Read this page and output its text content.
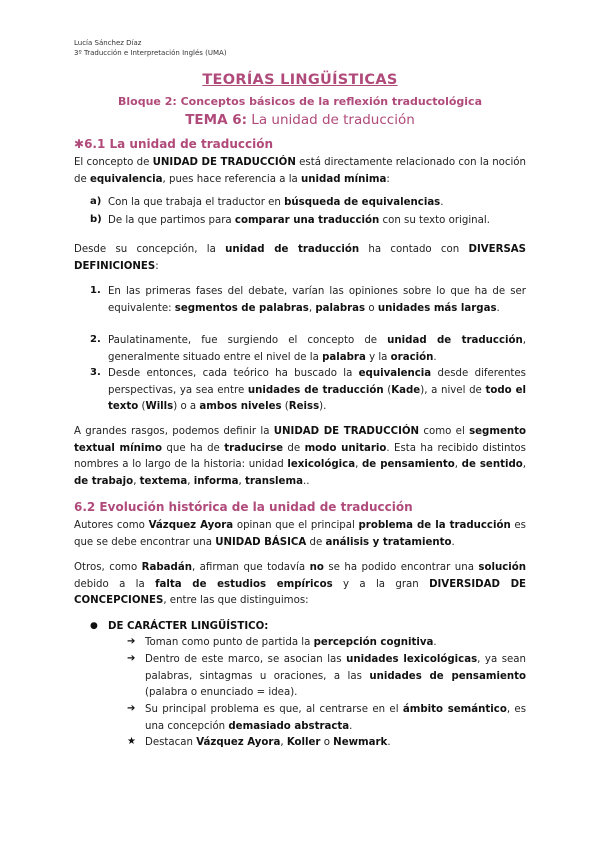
Lucía Sánchez Díaz
3º Traducción e Interpretación Inglés (UMA)
TEORÍAS LINGÜÍSTICAS
Bloque 2: Conceptos básicos de la reflexión traductológica
TEMA 6: La unidad de traducción
✱6.1 La unidad de traducción
El concepto de UNIDAD DE TRADUCCIÓN está directamente relacionado con la noción de equivalencia, pues hace referencia a la unidad mínima:
a) Con la que trabaja el traductor en búsqueda de equivalencias.
b) De la que partimos para comparar una traducción con su texto original.
Desde su concepción, la unidad de traducción ha contado con DIVERSAS DEFINICIONES:
1. En las primeras fases del debate, varían las opiniones sobre lo que ha de ser equivalente: segmentos de palabras, palabras o unidades más largas.
2. Paulatinamente, fue surgiendo el concepto de unidad de traducción, generalmente situado entre el nivel de la palabra y la oración.
3. Desde entonces, cada teórico ha buscado la equivalencia desde diferentes perspectivas, ya sea entre unidades de traducción (Kade), a nivel de todo el texto (Wills) o a ambos niveles (Reiss).
A grandes rasgos, podemos definir la UNIDAD DE TRADUCCIÓN como el segmento textual mínimo que ha de traducirse de modo unitario. Esta ha recibido distintos nombres a lo largo de la historia: unidad lexicológica, de pensamiento, de sentido, de trabajo, textema, informa, translema..
6.2 Evolución histórica de la unidad de traducción
Autores como Vázquez Ayora opinan que el principal problema de la traducción es que se debe encontrar una UNIDAD BÁSICA de análisis y tratamiento.
Otros, como Rabadán, afirman que todavía no se ha podido encontrar una solución debido a la falta de estudios empíricos y a la gran DIVERSIDAD DE CONCEPCIONES, entre las que distinguimos:
● DE CARÁCTER LINGÜÍSTICO:
➔ Toman como punto de partida la percepción cognitiva.
➔ Dentro de este marco, se asocian las unidades lexicológicas, ya sean palabras, sintagmas u oraciones, a las unidades de pensamiento (palabra o enunciado = idea).
➔ Su principal problema es que, al centrarse en el ámbito semántico, es una concepción demasiado abstracta.
★ Destacan Vázquez Ayora, Koller o Newmark.
